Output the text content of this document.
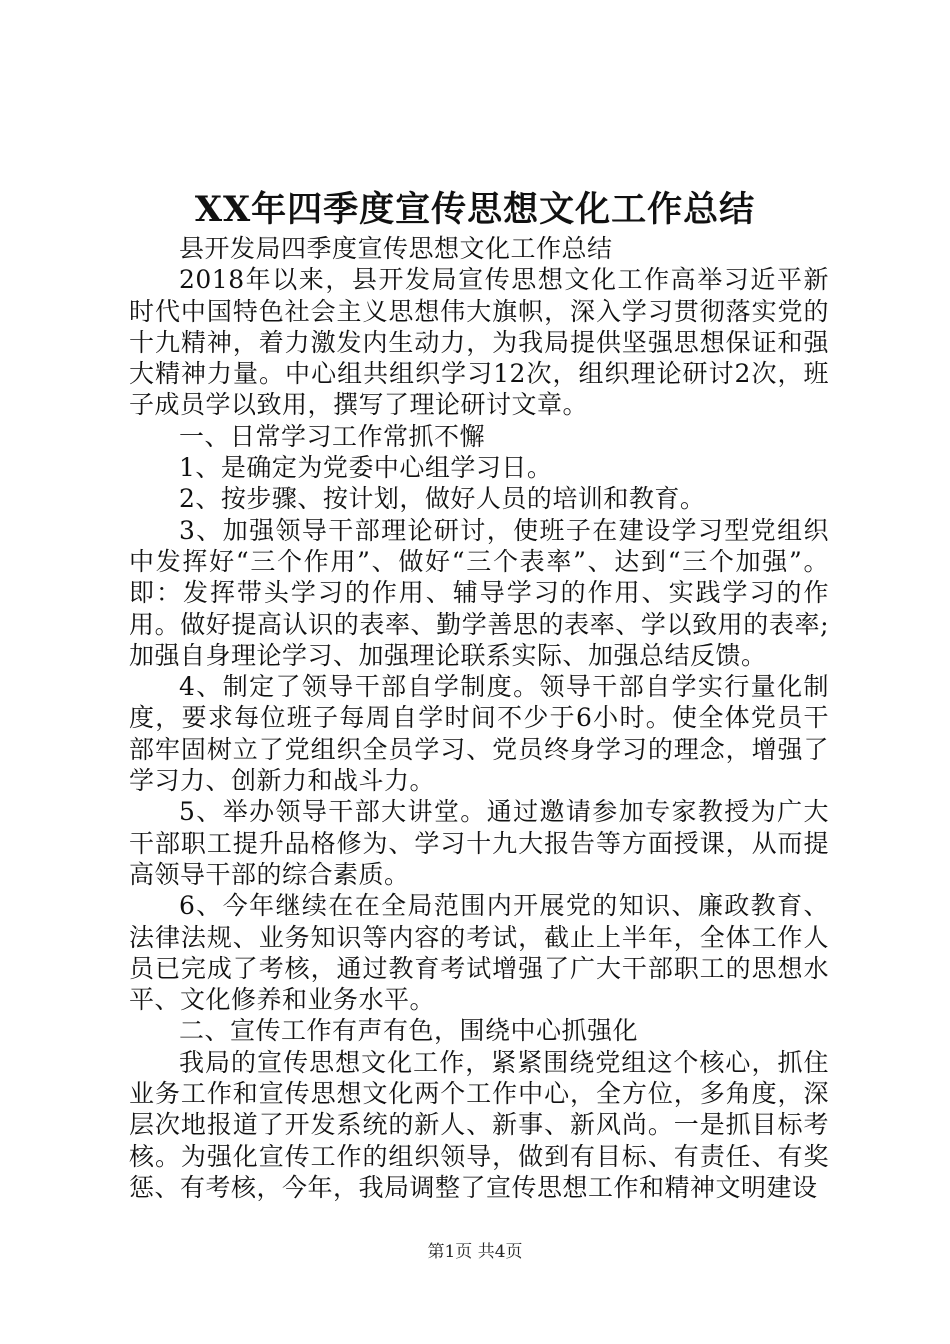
XX年四季度宣传思想文化工作总结

县开发局四季度宣传思想文化工作总结

2018年以来，县开发局宣传思想文化工作高举习近平新时代中国特色社会主义思想伟大旗帜，深入学习贯彻落实党的十九精神，着力激发内生动力，为我局提供坚强思想保证和强大精神力量。中心组共组织学习12次，组织理论研讨2次，班子成员学以致用，撰写了理论研讨文章。

一、日常学习工作常抓不懈

1、是确定为党委中心组学习日。

2、按步骤、按计划，做好人员的培训和教育。

3、加强领导干部理论研讨，使班子在建设学习型党组织中发挥好“三个作用”、做好“三个表率”、达到“三个加强”。即：发挥带头学习的作用、辅导学习的作用、实践学习的作用。做好提高认识的表率、勤学善思的表率、学以致用的表率;加强自身理论学习、加强理论联系实际、加强总结反馈。

4、制定了领导干部自学制度。领导干部自学实行量化制度，要求每位班子每周自学时间不少于6小时。使全体党员干部牢固树立了党组织全员学习、党员终身学习的理念，增强了学习力、创新力和战斗力。

5、举办领导干部大讲堂。通过邀请参加专家教授为广大干部职工提升品格修为、学习十九大报告等方面授课，从而提高领导干部的综合素质。

6、今年继续在在全局范围内开展党的知识、廉政教育、法律法规、业务知识等内容的考试，截止上半年，全体工作人员已完成了考核，通过教育考试增强了广大干部职工的思想水平、文化修养和业务水平。

二、宣传工作有声有色，围绕中心抓强化

我局的宣传思想文化工作，紧紧围绕党组这个核心，抓住业务工作和宣传思想文化两个工作中心，全方位，多角度，深层次地报道了开发系统的新人、新事、新风尚。一是抓目标考核。为强化宣传工作的组织领导，做到有目标、有责任、有奖惩、有考核，今年，我局调整了宣传思想工作和精神文明建设

第1页 共4页
